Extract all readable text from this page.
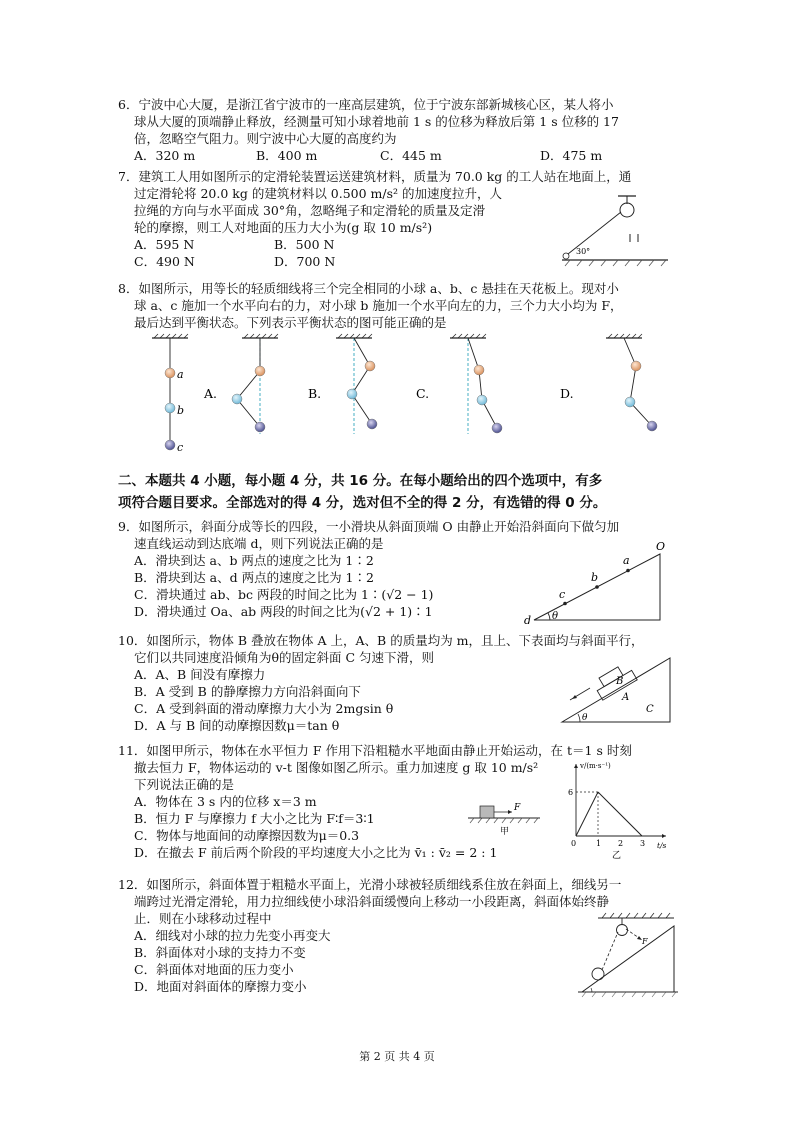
6．宁波中心大厦，是浙江省宁波市的一座高层建筑，位于宁波东部新城核心区，某人将小

球从大厦的顶端静止释放，经测量可知小球着地前 1 s 的位移为释放后第 1 s 位移的 17

倍，忽略空气阻力。则宁波中心大厦的高度约为

A．320 m	B．400 m	C．445 m	D．475 m

7．建筑工人用如图所示的定滑轮装置运送建筑材料，质量为 70.0 kg 的工人站在地面上，通

过定滑轮将 20.0 kg 的建筑材料以 0.500 m/s² 的加速度拉升，人

拉绳的方向与水平面成 30°角，忽略绳子和定滑轮的质量及定滑

轮的摩擦，则工人对地面的压力大小为(g 取 10 m/s²)

A．595 N	B．500 N
C．490 N	D．700 N
30°

8．如图所示，用等长的轻质细线将三个完全相同的小球 a、b、c 悬挂在天花板上。现对小

球 a、c 施加一个水平向右的力，对小球 b 施加一个水平向左的力，三个力大小均为 F，

最后达到平衡状态。下列表示平衡状态的图可能正确的是

a
b
c
A.	B.	C.	D.
二、本题共 4 小题，每小题 4 分，共 16 分。在每小题给出的四个选项中，有多
项符合题目要求。全部选对的得 4 分，选对但不全的得 2 分，有选错的得 0 分。

9．如图所示，斜面分成等长的四段，一小滑块从斜面顶端 O 由静止开始沿斜面向下做匀加

速直线运动到达底端 d，则下列说法正确的是

A．滑块到达 a、b 两点的速度之比为 1∶2

B．滑块到达 a、d 两点的速度之比为 1∶2

C．滑块通过 ab、bc 两段的时间之比为 1∶(√2 − 1)

D．滑块通过 Oa、ab 两段的时间之比为(√2 + 1)∶1

O
a
b
c
d θ

10．如图所示，物体 B 叠放在物体 A 上，A、B 的质量均为 m，且上、下表面均与斜面平行，

它们以共同速度沿倾角为θ的固定斜面 C 匀速下滑，则

A．A、B 间没有摩擦力

B．A 受到 B 的静摩擦力方向沿斜面向下

C．A 受到斜面的滑动摩擦力大小为 2mgsin θ

D．A 与 B 间的动摩擦因数μ＝tan θ

B
A
C
θ

11．如图甲所示，物体在水平恒力 F 作用下沿粗糙水平地面由静止开始运动，在 t＝1 s 时刻

撤去恒力 F，物体运动的 v-t 图像如图乙所示。重力加速度 g 取 10 m/s²

下列说法正确的是

A．物体在 3 s 内的位移 x＝3 m

B．恒力 F 与摩擦力 f 大小之比为 F∶f＝3∶1

C．物体与地面间的动摩擦因数为μ＝0.3

D．在撤去 F 前后两个阶段的平均速度大小之比为 v̄₁ : v̄₂ = 2 : 1

F
甲
v/(m·s⁻¹)
t/s
6
0 1 2 3
乙

12．如图所示，斜面体置于粗糙水平面上，光滑小球被轻质细线系住放在斜面上，细线另一

端跨过光滑定滑轮，用力拉细线使小球沿斜面缓慢向上移动一小段距离，斜面体始终静

止．则在小球移动过程中

A．细线对小球的拉力先变小再变大

B．斜面体对小球的支持力不变

C．斜面体对地面的压力变小

D．地面对斜面体的摩擦力变小

F
第 2 页 共 4 页
